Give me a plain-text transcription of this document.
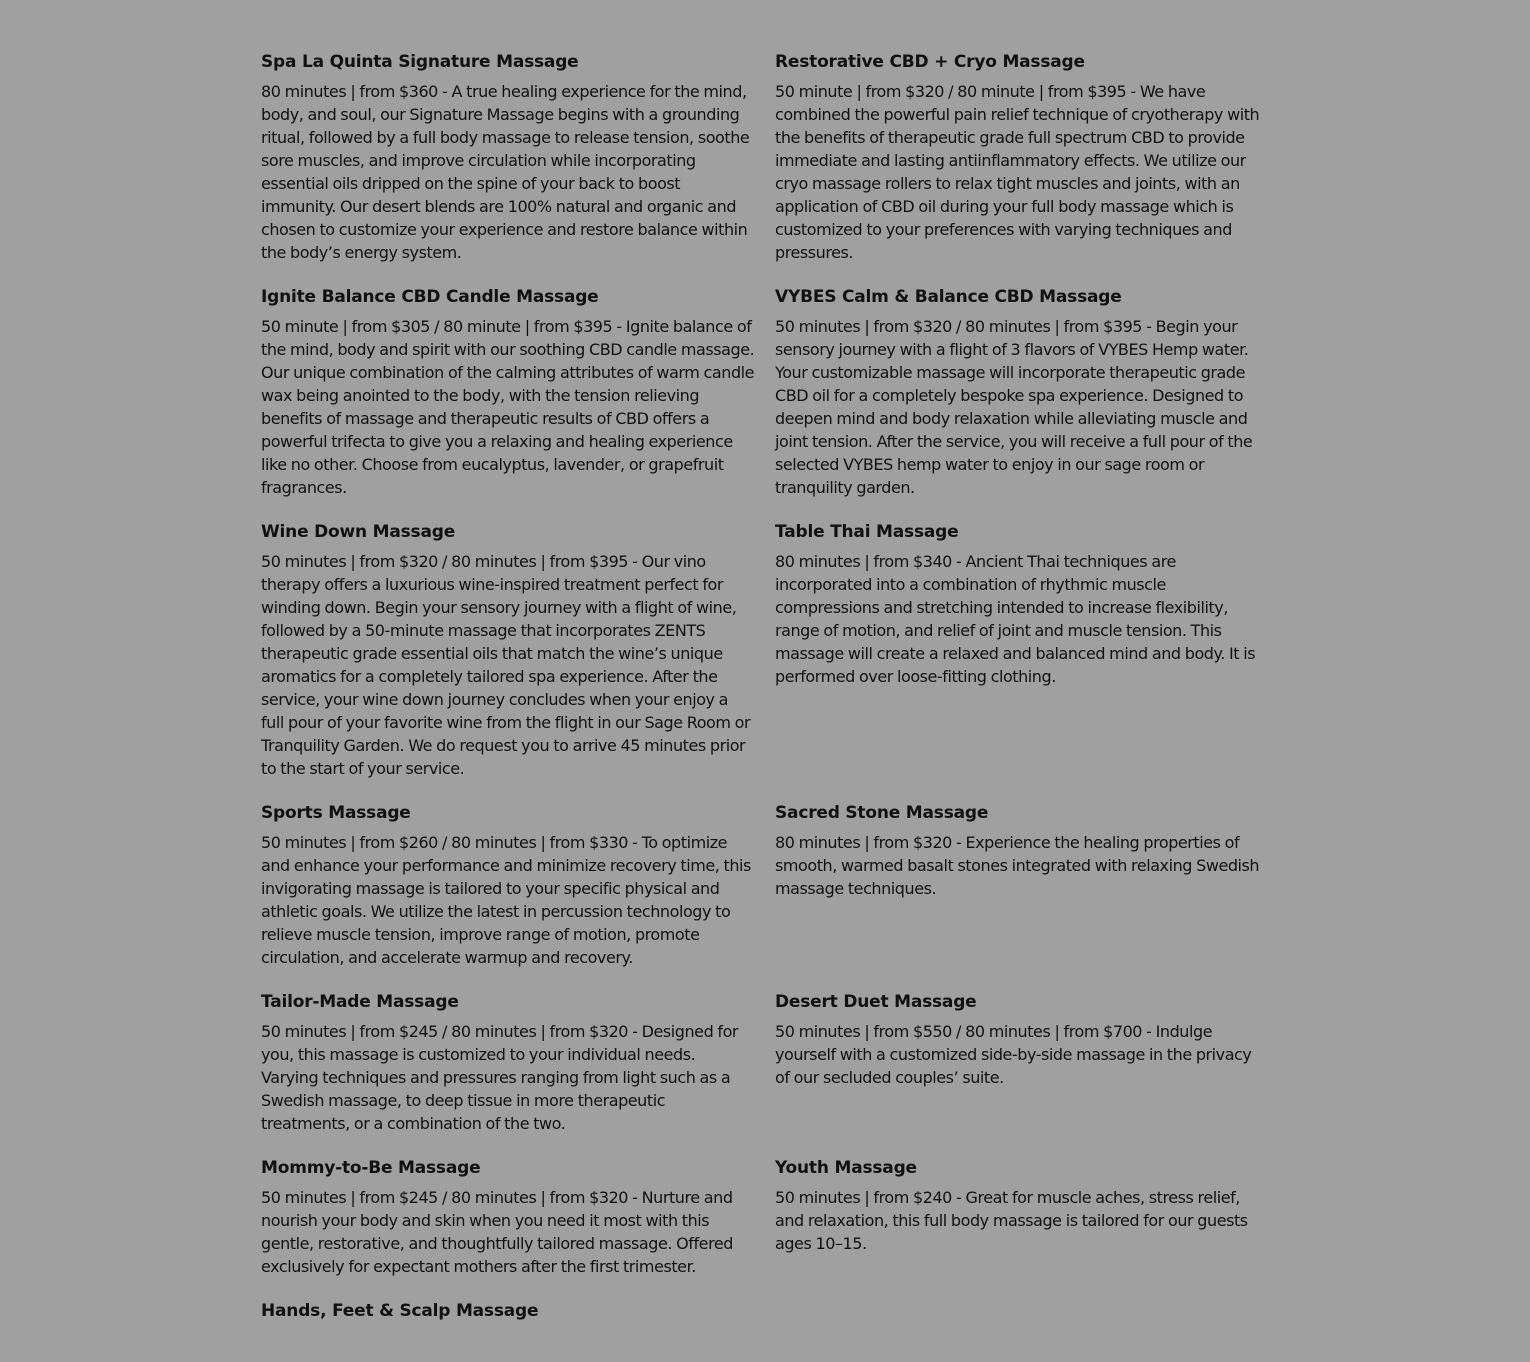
Spa La Quinta Signature Massage

80 minutes | from $360 - A true healing experience for the mind, body, and soul, our Signature Massage begins with a grounding ritual, followed by a full body massage to release tension, soothe sore muscles, and improve circulation while incorporating essential oils dripped on the spine of your back to boost immunity. Our desert blends are 100% natural and organic and chosen to customize your experience and restore balance within the body’s energy system.

Restorative CBD + Cryo Massage

50 minute | from $320 / 80 minute | from $395 - We have combined the powerful pain relief technique of cryotherapy with the benefits of therapeutic grade full spectrum CBD to provide immediate and lasting antiinflammatory effects. We utilize our cryo massage rollers to relax tight muscles and joints, with an application of CBD oil during your full body massage which is customized to your preferences with varying techniques and pressures.

Ignite Balance CBD Candle Massage

50 minute | from $305 / 80 minute | from $395 - Ignite balance of the mind, body and spirit with our soothing CBD candle massage. Our unique combination of the calming attributes of warm candle wax being anointed to the body, with the tension relieving benefits of massage and therapeutic results of CBD offers a powerful trifecta to give you a relaxing and healing experience like no other. Choose from eucalyptus, lavender, or grapefruit fragrances.

VYBES Calm & Balance CBD Massage

50 minutes | from $320 / 80 minutes | from $395 - Begin your sensory journey with a flight of 3 flavors of VYBES Hemp water. Your customizable massage will incorporate therapeutic grade CBD oil for a completely bespoke spa experience. Designed to deepen mind and body relaxation while alleviating muscle and joint tension. After the service, you will receive a full pour of the selected VYBES hemp water to enjoy in our sage room or tranquility garden.

Wine Down Massage

50 minutes | from $320 / 80 minutes | from $395 - Our vino therapy offers a luxurious wine-inspired treatment perfect for winding down. Begin your sensory journey with a flight of wine, followed by a 50-minute massage that incorporates ZENTS therapeutic grade essential oils that match the wine’s unique aromatics for a completely tailored spa experience. After the service, your wine down journey concludes when your enjoy a full pour of your favorite wine from the flight in our Sage Room or Tranquility Garden. We do request you to arrive 45 minutes prior to the start of your service.

Table Thai Massage

80 minutes | from $340 - Ancient Thai techniques are incorporated into a combination of rhythmic muscle compressions and stretching intended to increase flexibility, range of motion, and relief of joint and muscle tension. This massage will create a relaxed and balanced mind and body. It is performed over loose-fitting clothing.

Sports Massage

50 minutes | from $260 / 80 minutes | from $330 - To optimize and enhance your performance and minimize recovery time, this invigorating massage is tailored to your specific physical and athletic goals. We utilize the latest in percussion technology to relieve muscle tension, improve range of motion, promote circulation, and accelerate warmup and recovery.

Sacred Stone Massage

80 minutes | from $320 - Experience the healing properties of smooth, warmed basalt stones integrated with relaxing Swedish massage techniques.

Tailor-Made Massage

50 minutes | from $245 / 80 minutes | from $320 - Designed for you, this massage is customized to your individual needs. Varying techniques and pressures ranging from light such as a Swedish massage, to deep tissue in more therapeutic treatments, or a combination of the two.

Desert Duet Massage

50 minutes | from $550 / 80 minutes | from $700 - Indulge yourself with a customized side-by-side massage in the privacy of our secluded couples’ suite.

Mommy-to-Be Massage

50 minutes | from $245 / 80 minutes | from $320 - Nurture and nourish your body and skin when you need it most with this gentle, restorative, and thoughtfully tailored massage. Offered exclusively for expectant mothers after the first trimester.

Youth Massage

50 minutes | from $240 - Great for muscle aches, stress relief, and relaxation, this full body massage is tailored for our guests ages 10–15.

Hands, Feet & Scalp Massage
